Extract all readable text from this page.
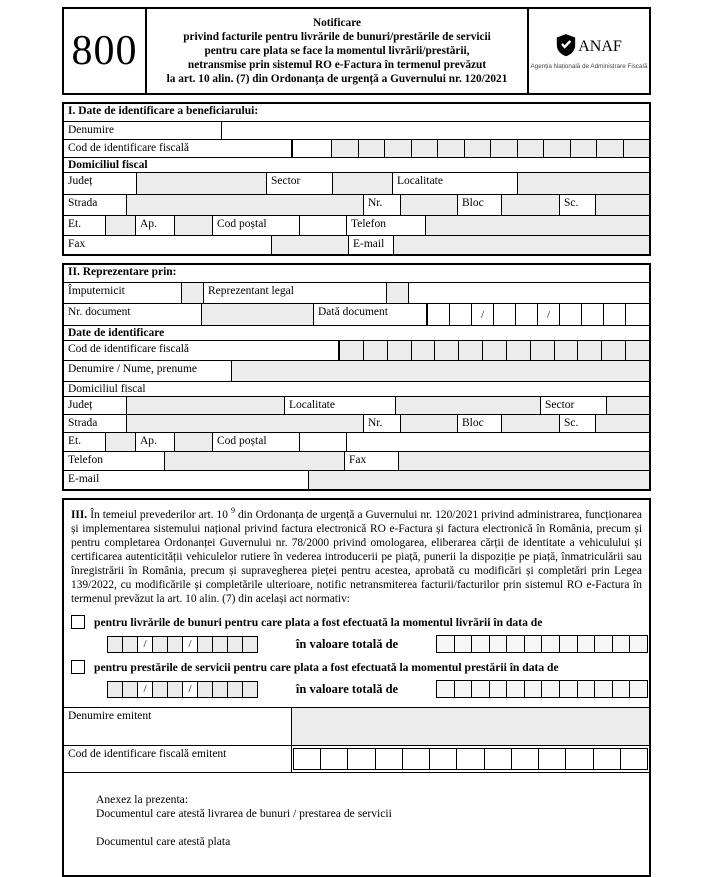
800
Notificare
privind facturile pentru livrările de bunuri/prestările de servicii
pentru care plata se face la momentul livrării/prestării,
netransmise prin sistemul RO e-Factura în termenul prevăzut
la art. 10 alin. (7) din Ordonanța de urgență a Guvernului nr. 120/2021
ANAF
Agenția Națională de Administrare Fiscală
I. Date de identificare a beneficiarului:
Denumire
Cod de identificare fiscală
Domiciliul fiscal
Județ	Sector	Localitate
Strada	Nr.	Bloc	Sc.
Et.	Ap.	Cod poștal	Telefon
Fax	E-mail
II. Reprezentare prin:
Împuternicit	Reprezentant legal
Nr. document	Dată document	/	/
Date de identificare
Cod de identificare fiscală
Denumire / Nume, prenume
Domiciliul fiscal
Județ	Localitate	Sector
Strada	Nr.	Bloc	Sc.
Et.	Ap.	Cod poștal
Telefon	Fax
E-mail

III. În temeiul prevederilor art. 10 $^9$ din Ordonanța de urgență a Guvernului nr. 120/2021 privind administrarea, funcționarea și implementarea sistemului național privind factura electronică RO e-Factura și factura electronică în România, precum și pentru completarea Ordonanței Guvernului nr. 78/2000 privind omologarea, eliberarea cărții de identitate a vehiculului și certificarea autenticității vehiculelor rutiere în vederea introducerii pe piață, punerii la dispoziție pe piață, înmatriculării sau înregistrării în România, precum și supravegherea pieței pentru acestea, aprobată cu modificări și completări prin Legea 139/2022, cu modificările și completările ulterioare, notific netransmiterea facturii/facturilor prin sistemul RO e-Factura în termenul prevăzut la art. 10 alin. (7) din același act normativ:

pentru livrările de bunuri pentru care plata a fost efectuată la momentul livrării în data de
/	/	în valoare totală de
pentru prestările de servicii pentru care plata a fost efectuată la momentul prestării în data de
/	/	în valoare totală de
Denumire emitent
Cod de identificare fiscală emitent
Anexez la prezenta:
Documentul care atestă livrarea de bunuri / prestarea de servicii
Documentul care atestă plata
